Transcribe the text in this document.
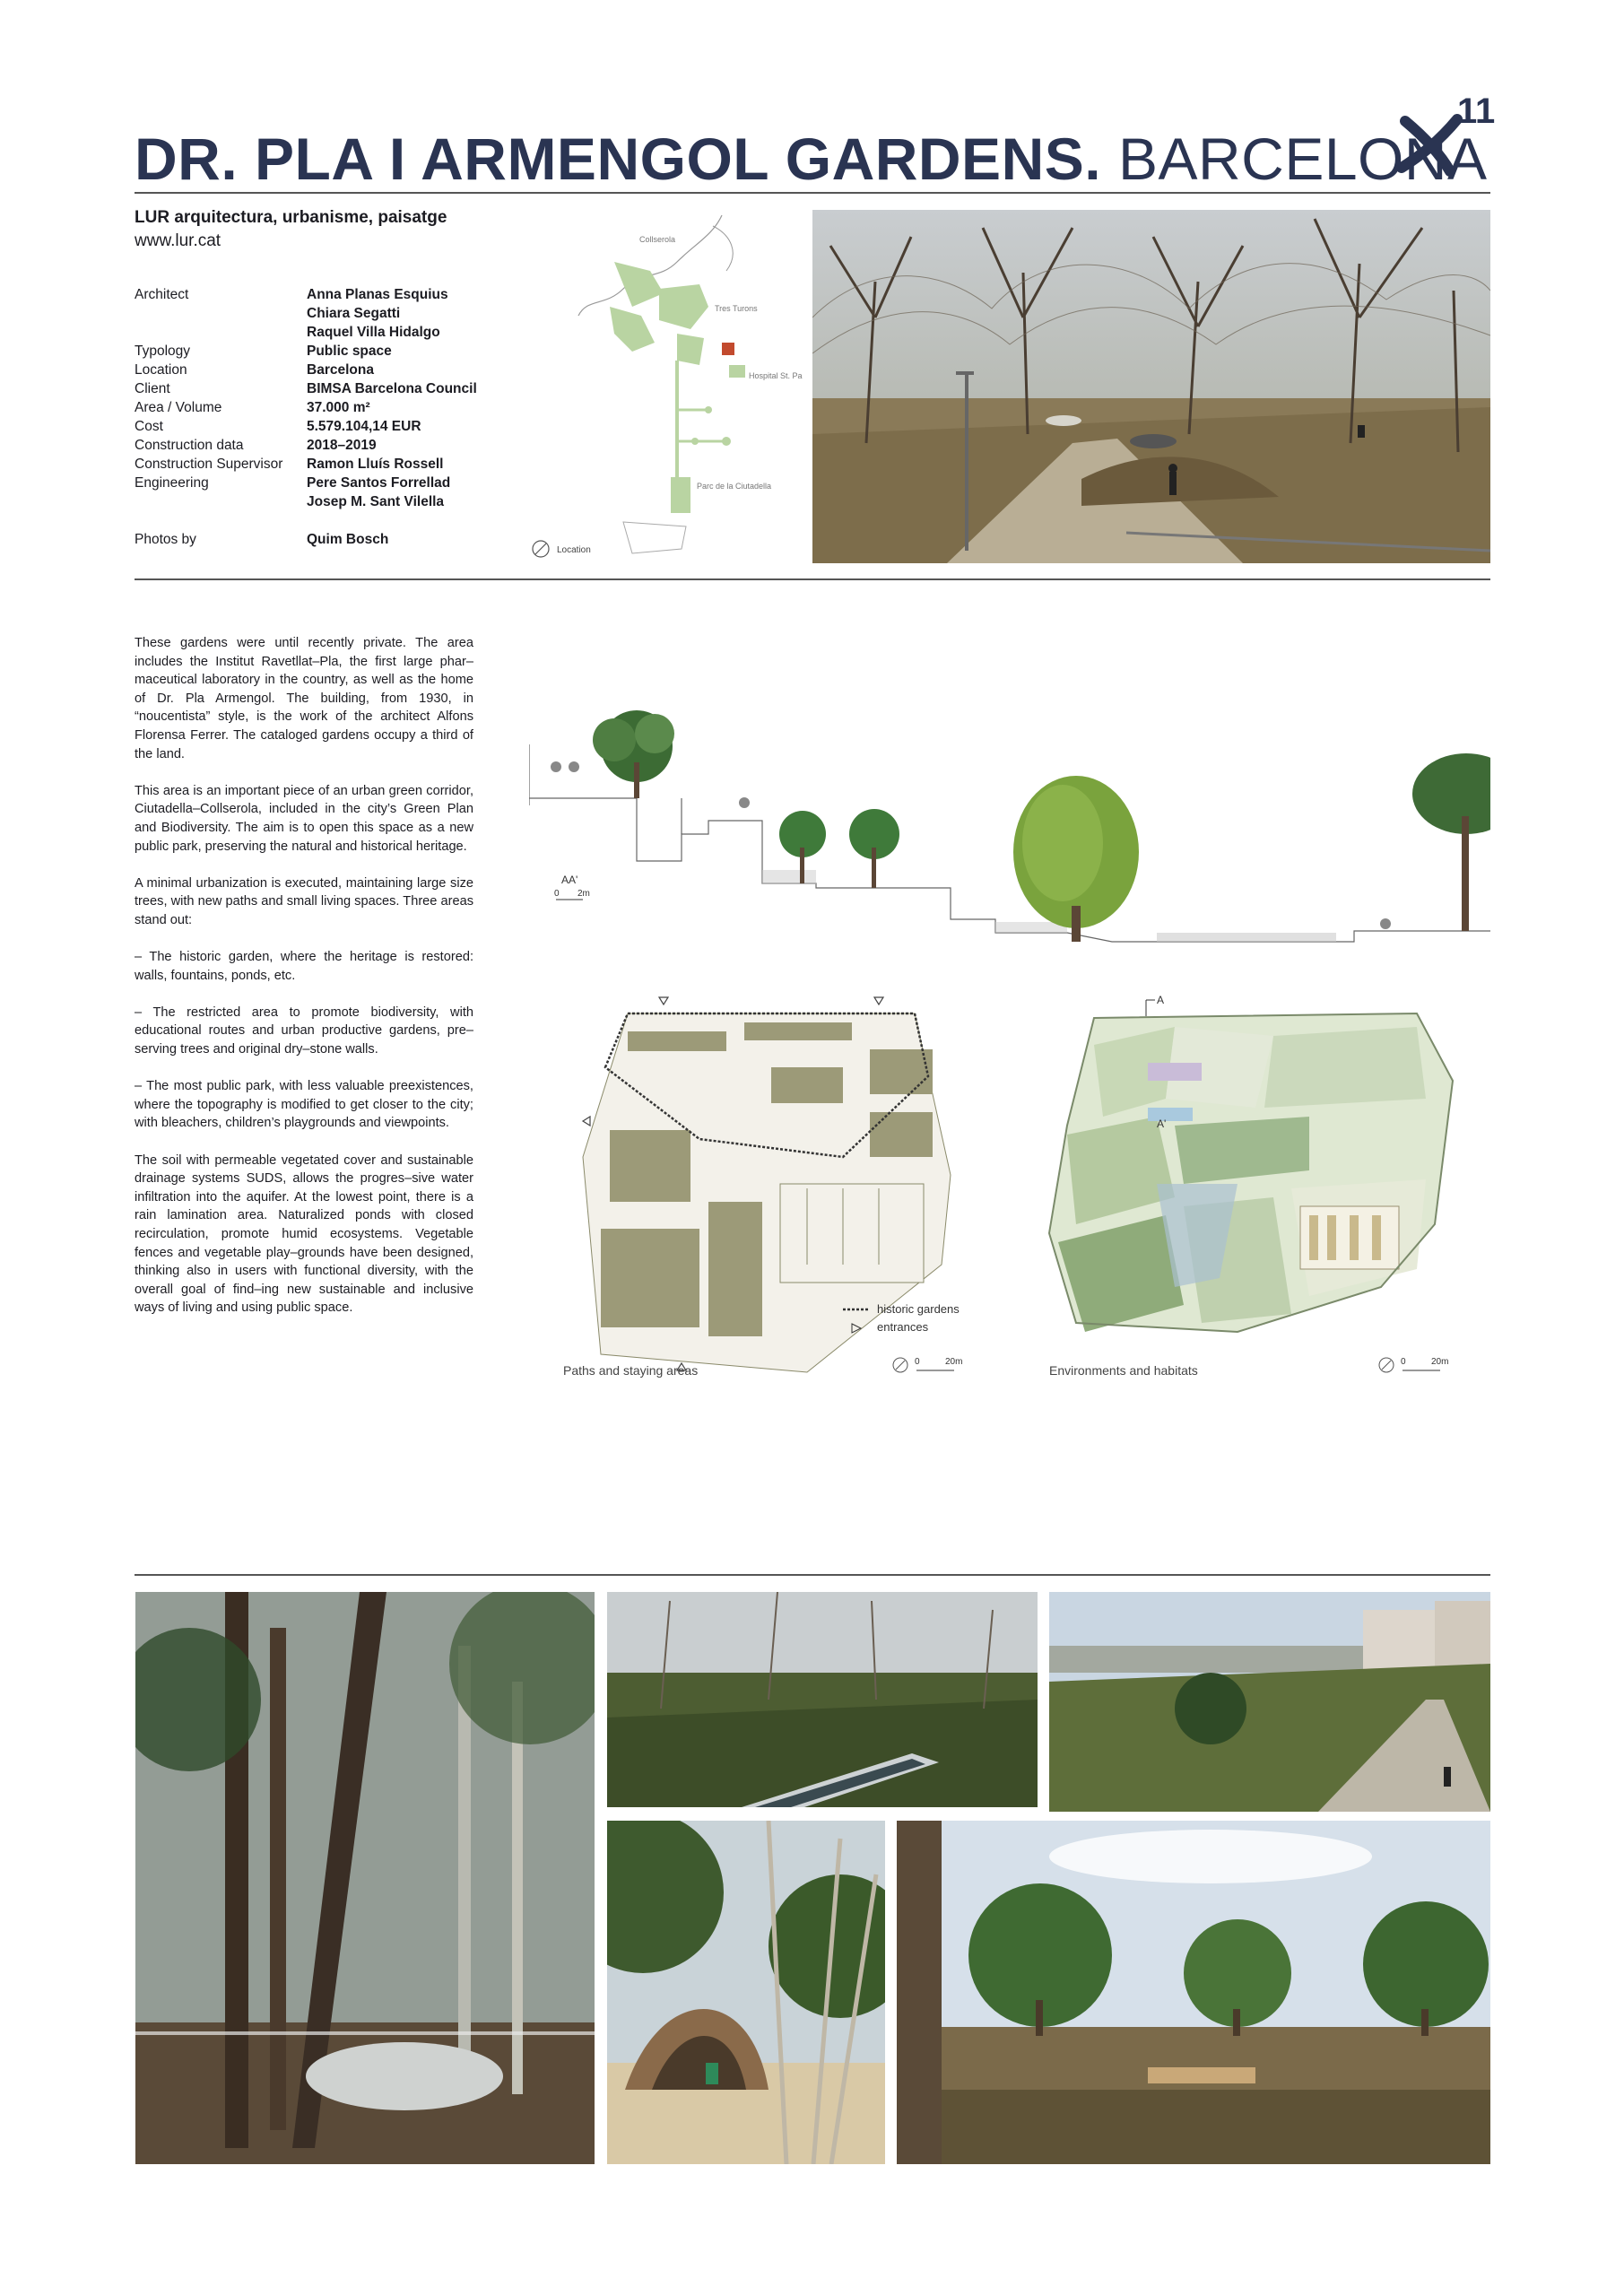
DR. PLA I ARMENGOL GARDENS. BARCELONA
11
LUR arquitectura, urbanisme, paisatge
www.lur.cat
Architect	Anna Planas Esquius
Chiara Segatti
Raquel Villa Hidalgo
Typology	Public space
Location	Barcelona
Client	BIMSA Barcelona Council
Area / Volume	37.000 m²
Cost	5.579.104,14 EUR
Construction data	2018–2019
Construction Supervisor	Ramon Lluís Rossell
Engineering	Pere Santos Forrellad
Josep M. Sant Vilella
Photos by	Quim Bosch
Collserola
Tres Turons
Hospital St. Pau
Parc de la Ciutadella
Location

These gardens were until recently private. The area includes the Institut Ravetllat–Pla, the first large phar–maceutical laboratory in the country, as well as the home of Dr. Pla Armengol. The building, from 1930, in “noucentista” style, is the work of the architect Alfons Florensa Ferrer. The cataloged gardens occupy a third of the land.

This area is an important piece of an urban green corridor, Ciutadella–Collserola, included in the city’s Green Plan and Biodiversity. The aim is to open this space as a new public park, preserving the natural and historical heritage.

A minimal urbanization is executed, maintaining large size trees, with new paths and small living spaces. Three areas stand out:

– The historic garden, where the heritage is restored: walls, fountains, ponds, etc.

– The restricted area to promote biodiversity, with educational routes and urban productive gardens, pre–serving trees and original dry–stone walls.

– The most public park, with less valuable preexistences, where the topography is modified to get closer to the city; with bleachers, children’s playgrounds and viewpoints.

The soil with permeable vegetated cover and sustainable drainage systems SUDS, allows the progres–sive water infiltration into the aquifer. At the lowest point, there is a rain lamination area. Naturalized ponds with closed recirculation, promote humid ecosystems. Vegetable fences and vegetable play–grounds have been designed, thinking also in users with functional diversity, with the overall goal of find–ing new sustainable and inclusive ways of living and using public space.

AA'
0 2m
historic gardens
entrances
Paths and staying areas
0	20m
A
A'
Environments and habitats
0	20m
